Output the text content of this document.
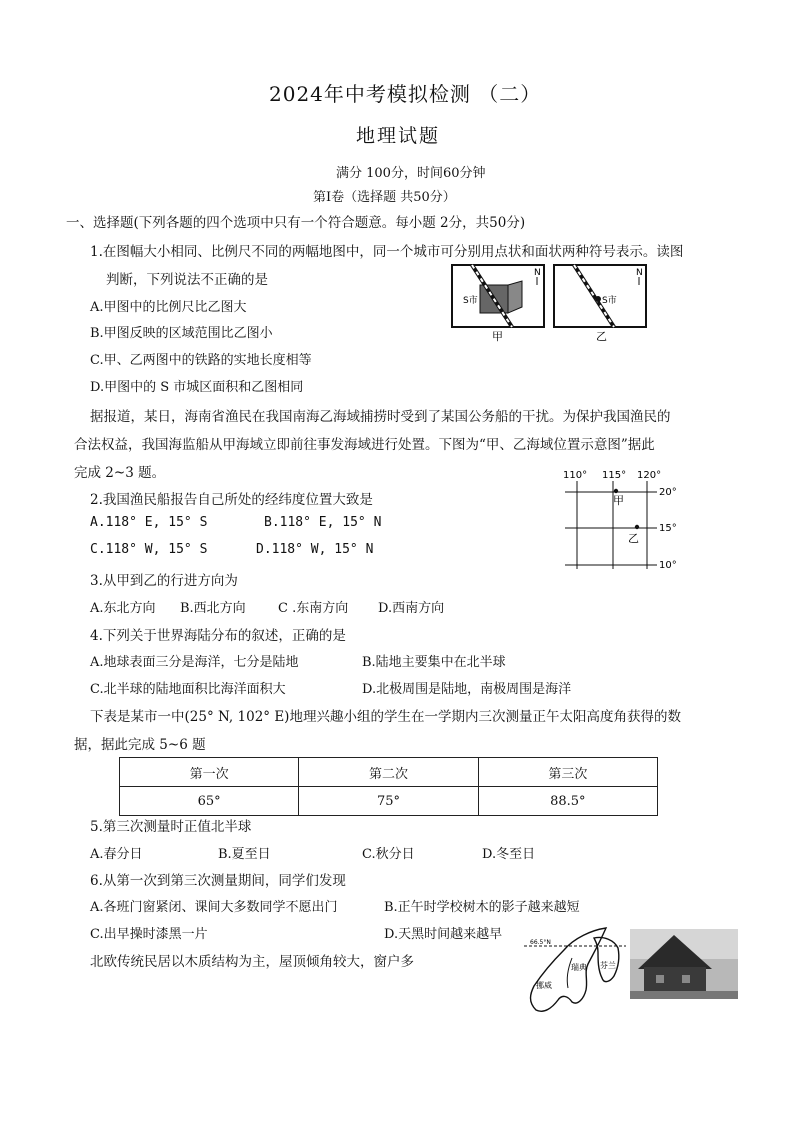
2024年中考模拟检测 （二）
地理试题
满分 100分，时间60分钟
第Ⅰ卷（选择题 共50分）
一、选择题(下列各题的四个选项中只有一个符合题意。每小题 2分，共50分)
1.在图幅大小相同、比例尺不同的两幅地图中，同一个城市可分别用点状和面状两种符号表示。读图
判断，下列说法不正确的是
A.甲图中的比例尺比乙图大
B.甲图反映的区域范围比乙图小
C.甲、乙两图中的铁路的实地长度相等
D.甲图中的 S 市城区面积和乙图相同
S市
N
甲
S市
N
乙
据报道，某日，海南省渔民在我国南海乙海域捕捞时受到了某国公务船的干扰。为保护我国渔民的
合法权益，我国海监船从甲海域立即前往事发海域进行处置。下图为“甲、乙海域位置示意图”据此
完成 2~3 题。	110° 115° 120°
20°
15°
10°
甲
乙
2.我国渔民船报告自己所处的经纬度位置大致是
A.118° E, 15° S	B.118° E, 15° N
C.118° W, 15° S	D.118° W, 15° N
3.从甲到乙的行进方向为
A.东北方向 B.西北方向 C .东南方向 D.西南方向
4.下列关于世界海陆分布的叙述，正确的是
A.地球表面三分是海洋，七分是陆地	B.陆地主要集中在北半球
C.北半球的陆地面积比海洋面积大	D.北极周围是陆地，南极周围是海洋
下表是某市一中(25° N, 102° E)地理兴趣小组的学生在一学期内三次测量正午太阳高度角获得的数
据，据此完成 5~6 题
第一次	第二次	第三次
65°	75°	88.5°
5.第三次测量时正值北半球
A.春分日	B.夏至日	C.秋分日	D.冬至日
6.从第一次到第三次测量期间，同学们发现
A.各班门窗紧闭、课间大多数同学不愿出门	B.正午时学校树木的影子越来越短
C.出早操时漆黑一片	D.天黑时间越来越早
北欧传统民居以木质结构为主，屋顶倾角较大，窗户多
66.5°N
挪威
瑞典 芬兰
